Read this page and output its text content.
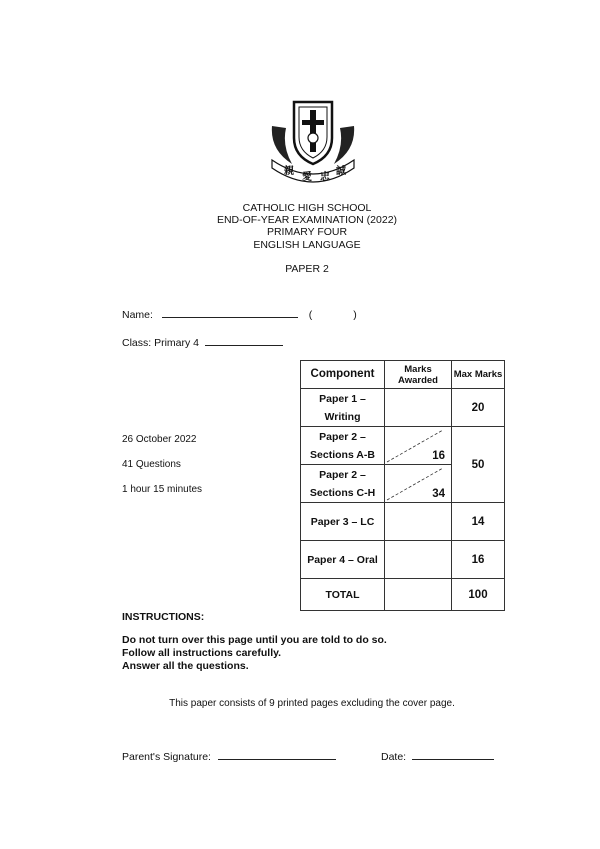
親
愛 忠
誠
CATHOLIC HIGH SCHOOL
END-OF-YEAR EXAMINATION (2022)
PRIMARY FOUR
ENGLISH LANGUAGE
PAPER 2
Name:	(	)
Class: Primary 4
26 October 2022
41 Questions
1 hour 15 minutes
Component	Marks Awarded	Max Marks
Paper 1 – Writing		20
Paper 2 – Sections A-B	16	50
Paper 2 – Sections C-H	34	

Paper 3 – LC		14
Paper 4 – Oral		16
TOTAL		100
INSTRUCTIONS:
Do not turn over this page until you are told to do so.
Follow all instructions carefully.
Answer all the questions.
This paper consists of 9 printed pages excluding the cover page.
Parent's Signature:	Date:
